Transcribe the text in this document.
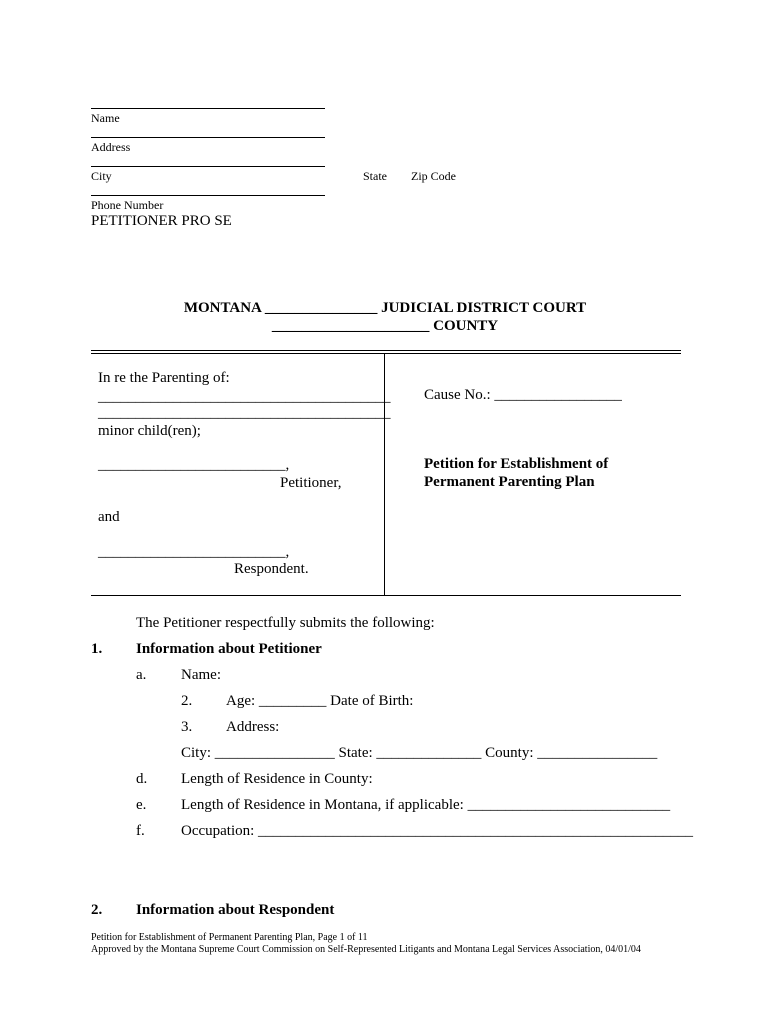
Name
Address
City	State Zip Code
Phone Number
PETITIONER PRO SE
MONTANA _______________ JUDICIAL DISTRICT COURT
_____________________ COUNTY
In re the Parenting of:
_______________________________________
_______________________________________
minor child(ren);
_________________________,
Petitioner,
and
_________________________,
Respondent.
Cause No.: _________________
Petition for Establishment of
Permanent Parenting Plan
The Petitioner respectfully submits the following:
1. Information about Petitioner
a. Name:
2. Age: _________ Date of Birth:
3. Address:
City: ________________ State: ______________ County: ________________
d. Length of Residence in County:
e. Length of Residence in Montana, if applicable: ___________________________
f. Occupation: __________________________________________________________
2. Information about Respondent
Petition for Establishment of Permanent Parenting Plan, Page 1 of 11
Approved by the Montana Supreme Court Commission on Self-Represented Litigants and Montana Legal Services Association, 04/01/04
